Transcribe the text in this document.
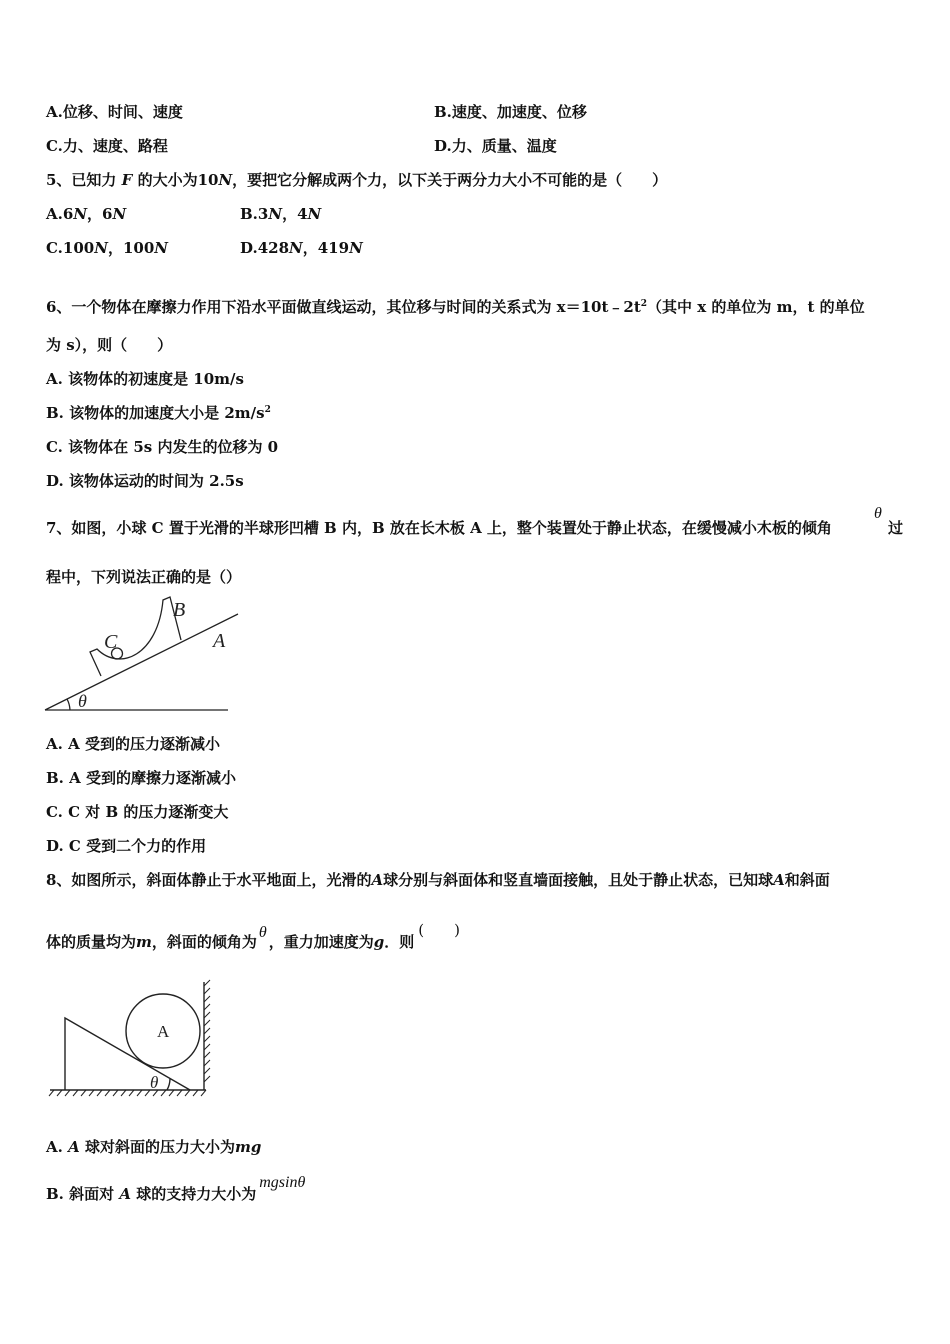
A.位移、时间、速度	B.速度、加速度、位移
C.力、速度、路程	D.力、质量、温度
5、已知力 F 的大小为10N，要把它分解成两个力，以下关于两分力大小不可能的是（　　）
A.6N，6N	B.3N，4N
C.100N，100N	D.428N，419N
6、一个物体在摩擦力作用下沿水平面做直线运动，其位移与时间的关系式为 $x=10t﹣2t^2$（其中 x 的单位为 m，t 的单位
为 s），则（　　）
A. 该物体的初速度是 10m/s
B. 该物体的加速度大小是 $2m/s^2$
C. 该物体在 5s 内发生的位移为 0
D. 该物体运动的时间为 2.5s
7、如图，小球 C 置于光滑的半球形凹槽 B 内，B 放在长木板 A 上，整个装置处于静止状态，在缓慢减小木板的倾角
θ
过
程中，下列说法正确的是（）
B
C	A
θ
A. A 受到的压力逐渐减小
B. A 受到的摩擦力逐渐减小
C. C 对 B 的压力逐渐变大
D. C 受到二个力的作用
8、如图所示，斜面体静止于水平地面上，光滑的A球分别与斜面体和竖直墙面接触，且处于静止状态，已知球A和斜面
体的质量均为m，斜面的倾角为θ，重力加速度为g．则(　　)
A
θ
A. A 球对斜面的压力大小为mg
B. 斜面对 A 球的支持力大小为mgsinθ
